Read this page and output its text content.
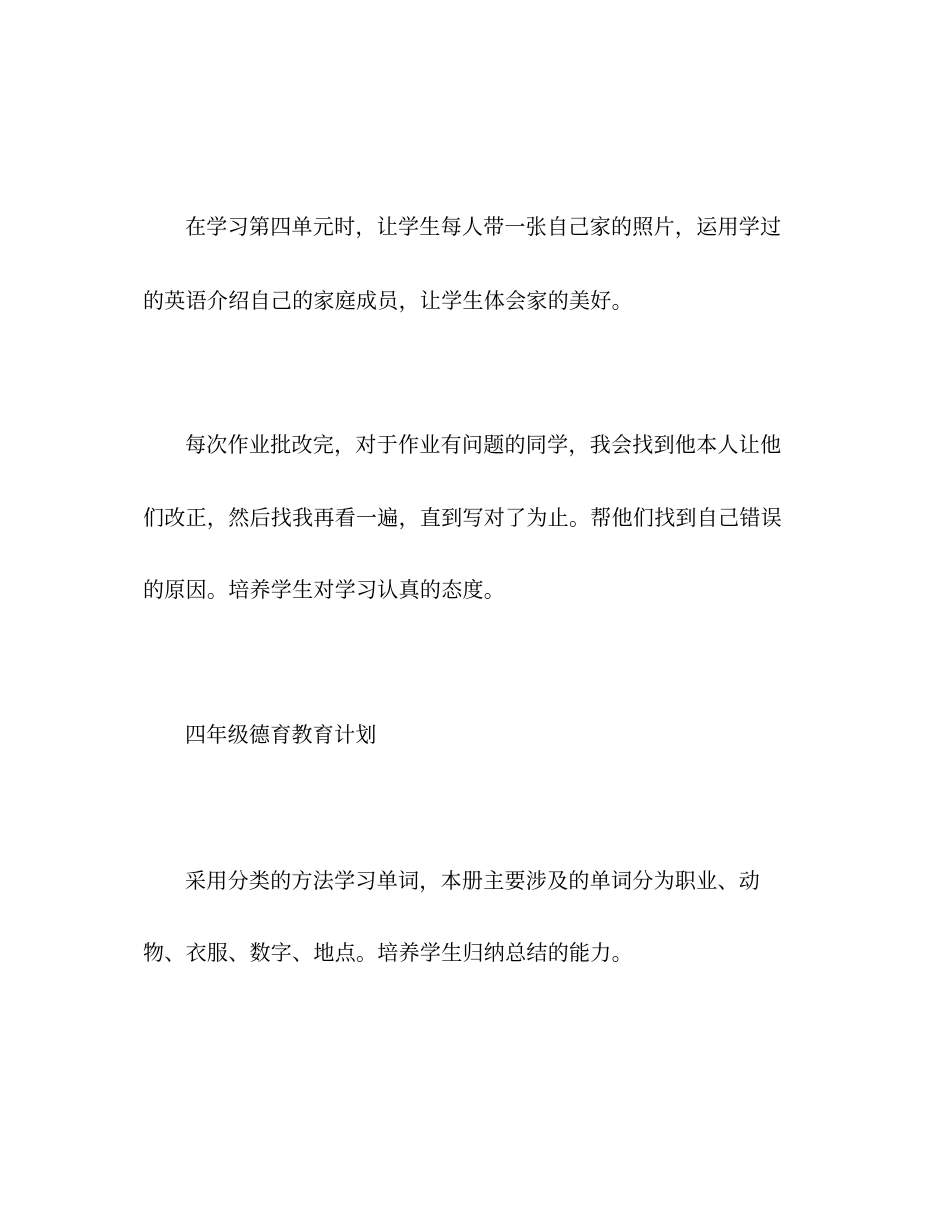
在学习第四单元时，让学生每人带一张自己家的照片，运用学过
的英语介绍自己的家庭成员，让学生体会家的美好。
每次作业批改完，对于作业有问题的同学，我会找到他本人让他
们改正，然后找我再看一遍，直到写对了为止。帮他们找到自己错误
的原因。培养学生对学习认真的态度。
四年级德育教育计划
采用分类的方法学习单词，本册主要涉及的单词分为职业、动
物、衣服、数字、地点。培养学生归纳总结的能力。
